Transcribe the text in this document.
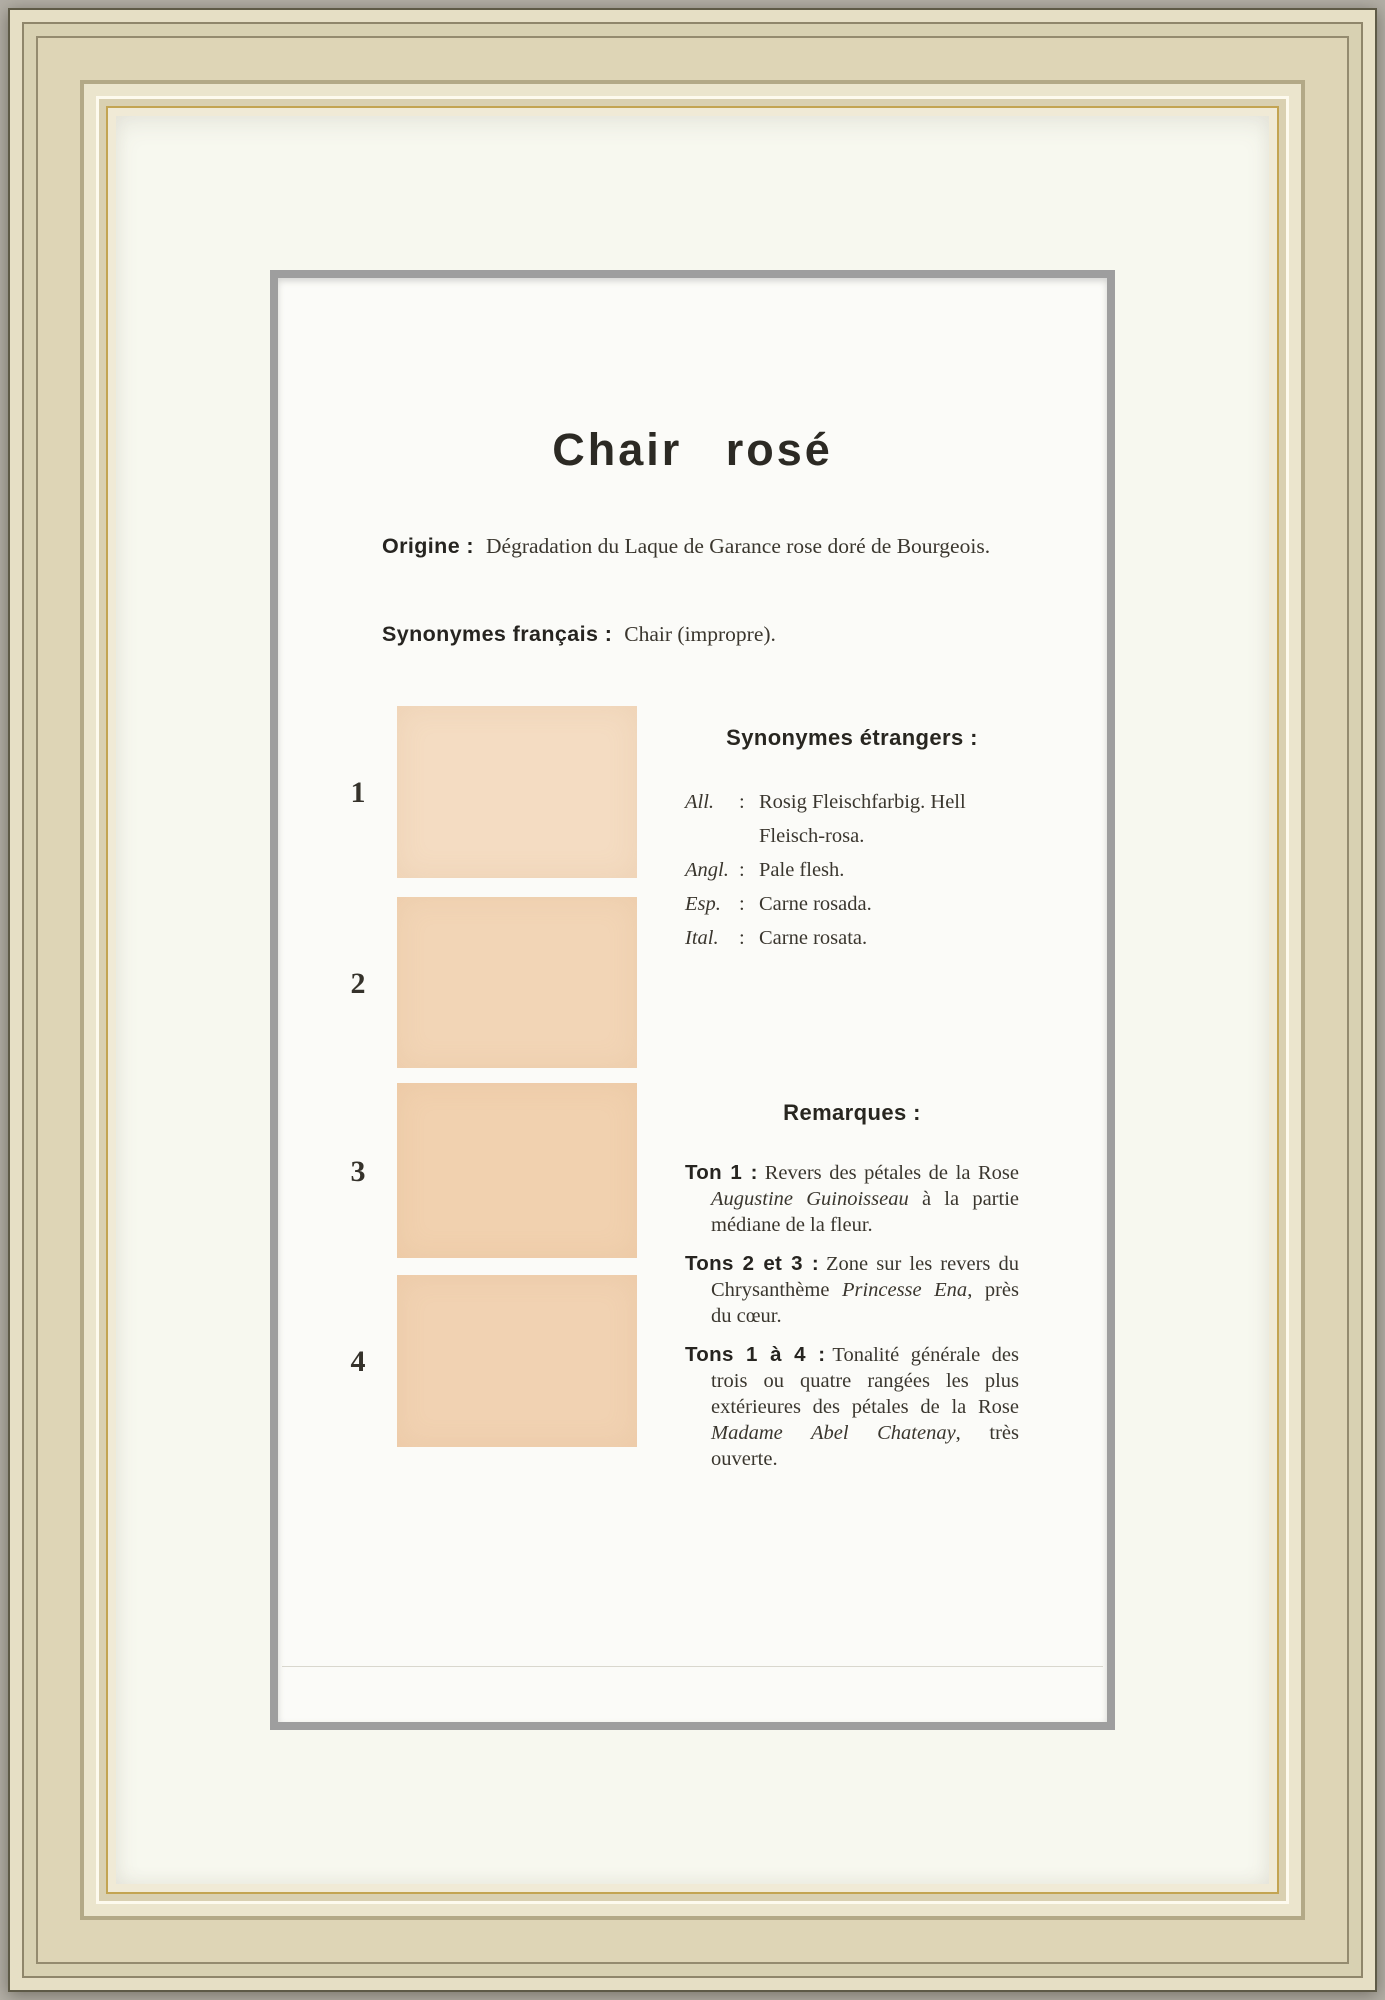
Chair rosé
Origine : Dégradation du Laque de Garance rose doré de Bourgeois.
Synonymes français : Chair (impropre).
1
2
3
4
Synonymes étrangers :
All.	: Rosig Fleischfarbig. Hell Fleisch-rosa.
Angl. : Pale flesh.
Esp. : Carne rosada.
Ital. : Carne rosata.
Remarques :

Ton 1 : Revers des pétales de la Rose Augustine Guinoisseau à la partie médiane de la fleur.

Tons 2 et 3 : Zone sur les revers du Chrysanthème Princesse Ena, près du cœur.

Tons 1 à 4 : Tonalité générale des trois ou quatre rangées les plus extérieures des pétales de la Rose Madame Abel Chatenay, très ouverte.
